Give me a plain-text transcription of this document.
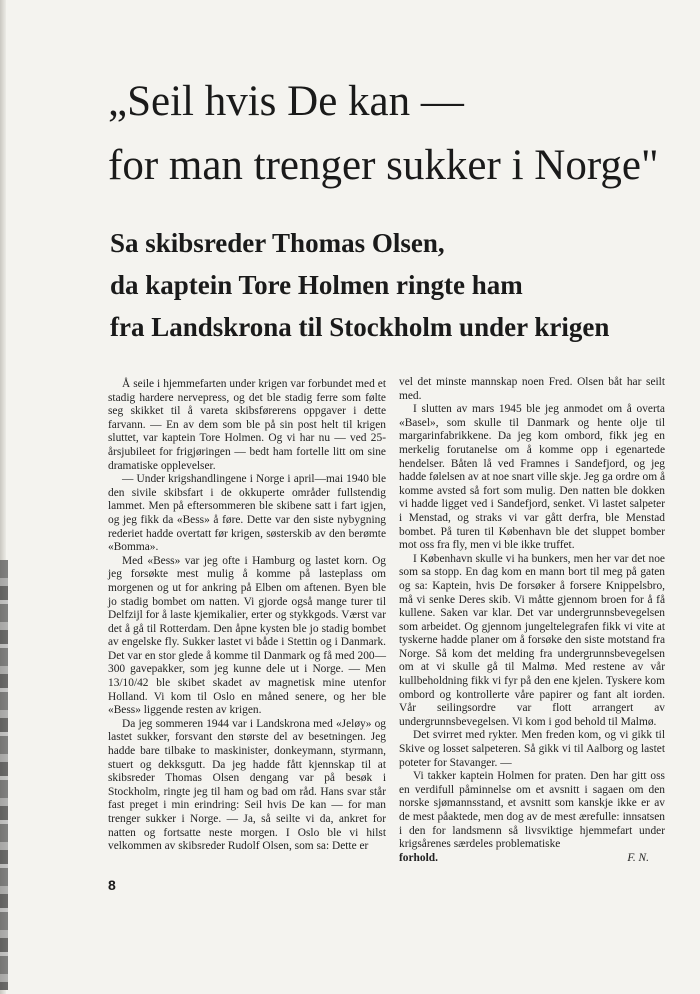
„Seil hvis De kan —
for man trenger sukker i Norge"
Sa skibsreder Thomas Olsen,
da kaptein Tore Holmen ringte ham
fra Landskrona til Stockholm under krigen

Å seile i hjemmefarten under krigen var forbundet med et stadig hardere nervepress, og det ble stadig ferre som følte seg skikket til å vareta skibsførerens oppgaver i dette farvann. — En av dem som ble på sin post helt til krigen sluttet, var kaptein Tore Holmen. Og vi har nu — ved 25-årsjubileet for frigjøringen — bedt ham fortelle litt om sine dramatiske opplevelser.

— Under krigshandlingene i Norge i april—mai 1940 ble den sivile skibsfart i de okkuperte områder fullstendig lammet. Men på eftersommeren ble skibene satt i fart igjen, og jeg fikk da «Bess» å føre. Dette var den siste nybygning rederiet hadde overtatt før krigen, søsterskib av den berømte «Bomma».

Med «Bess» var jeg ofte i Hamburg og lastet korn. Og jeg forsøkte mest mulig å komme på lasteplass om morgenen og ut for ankring på Elben om aftenen. Byen ble jo stadig bombet om natten. Vi gjorde også mange turer til Delfzijl for å laste kjemikalier, erter og stykkgods. Værst var det å gå til Rotterdam. Den åpne kysten ble jo stadig bombet av engelske fly. Sukker lastet vi både i Stettin og i Danmark. Det var en stor glede å komme til Danmark og få med 200—300 gavepakker, som jeg kunne dele ut i Norge. — Men 13/10/42 ble skibet skadet av magnetisk mine utenfor Holland. Vi kom til Oslo en måned senere, og her ble «Bess» liggende resten av krigen.

Da jeg sommeren 1944 var i Landskrona med «Jeløy» og lastet sukker, forsvant den største del av besetningen. Jeg hadde bare tilbake to maskinister, donkeymann, styrmann, stuert og dekksgutt. Da jeg hadde fått kjennskap til at skibsreder Thomas Olsen dengang var på besøk i Stockholm, ringte jeg til ham og bad om råd. Hans svar står fast preget i min erindring: Seil hvis De kan — for man trenger sukker i Norge. — Ja, så seilte vi da, ankret for natten og fortsatte neste morgen. I Oslo ble vi hilst velkommen av skibsreder Rudolf Olsen, som sa: Dette er

vel det minste mannskap noen Fred. Olsen båt har seilt med.

I slutten av mars 1945 ble jeg anmodet om å overta «Basel», som skulle til Danmark og hente olje til margarinfabrikkene. Da jeg kom ombord, fikk jeg en merkelig forutanelse om å komme opp i egenartede hendelser. Båten lå ved Framnes i Sandefjord, og jeg hadde følelsen av at noe snart ville skje. Jeg ga ordre om å komme avsted så fort som mulig. Den natten ble dokken vi hadde ligget ved i Sandefjord, senket. Vi lastet salpeter i Menstad, og straks vi var gått derfra, ble Menstad bombet. På turen til København ble det sluppet bomber mot oss fra fly, men vi ble ikke truffet.

I København skulle vi ha bunkers, men her var det noe som sa stopp. En dag kom en mann bort til meg på gaten og sa: Kaptein, hvis De forsøker å forsere Knippelsbro, må vi senke Deres skib. Vi måtte gjennom broen for å få kullene. Saken var klar. Det var undergrunnsbevegelsen som arbeidet. Og gjennom jungeltelegrafen fikk vi vite at tyskerne hadde planer om å forsøke den siste motstand fra Norge. Så kom det melding fra undergrunnsbevegelsen om at vi skulle gå til Malmø. Med restene av vår kullbeholdning fikk vi fyr på den ene kjelen. Tyskere kom ombord og kontrollerte våre papirer og fant alt iorden. Vår seilingsordre var flott arrangert av undergrunnsbevegelsen. Vi kom i god behold til Malmø.

Det svirret med rykter. Men freden kom, og vi gikk til Skive og losset salpeteren. Så gikk vi til Aalborg og lastet poteter for Stavanger. —

Vi takker kaptein Holmen for praten. Den har gitt oss en verdifull påminnelse om et avsnitt i sagaen om den norske sjømannsstand, et avsnitt som kanskje ikke er av de mest påaktede, men dog av de mest ærefulle: innsatsen i den for landsmenn så livsviktige hjemmefart under krigsårenes særdeles problematiske

forhold.	F. N.
8
